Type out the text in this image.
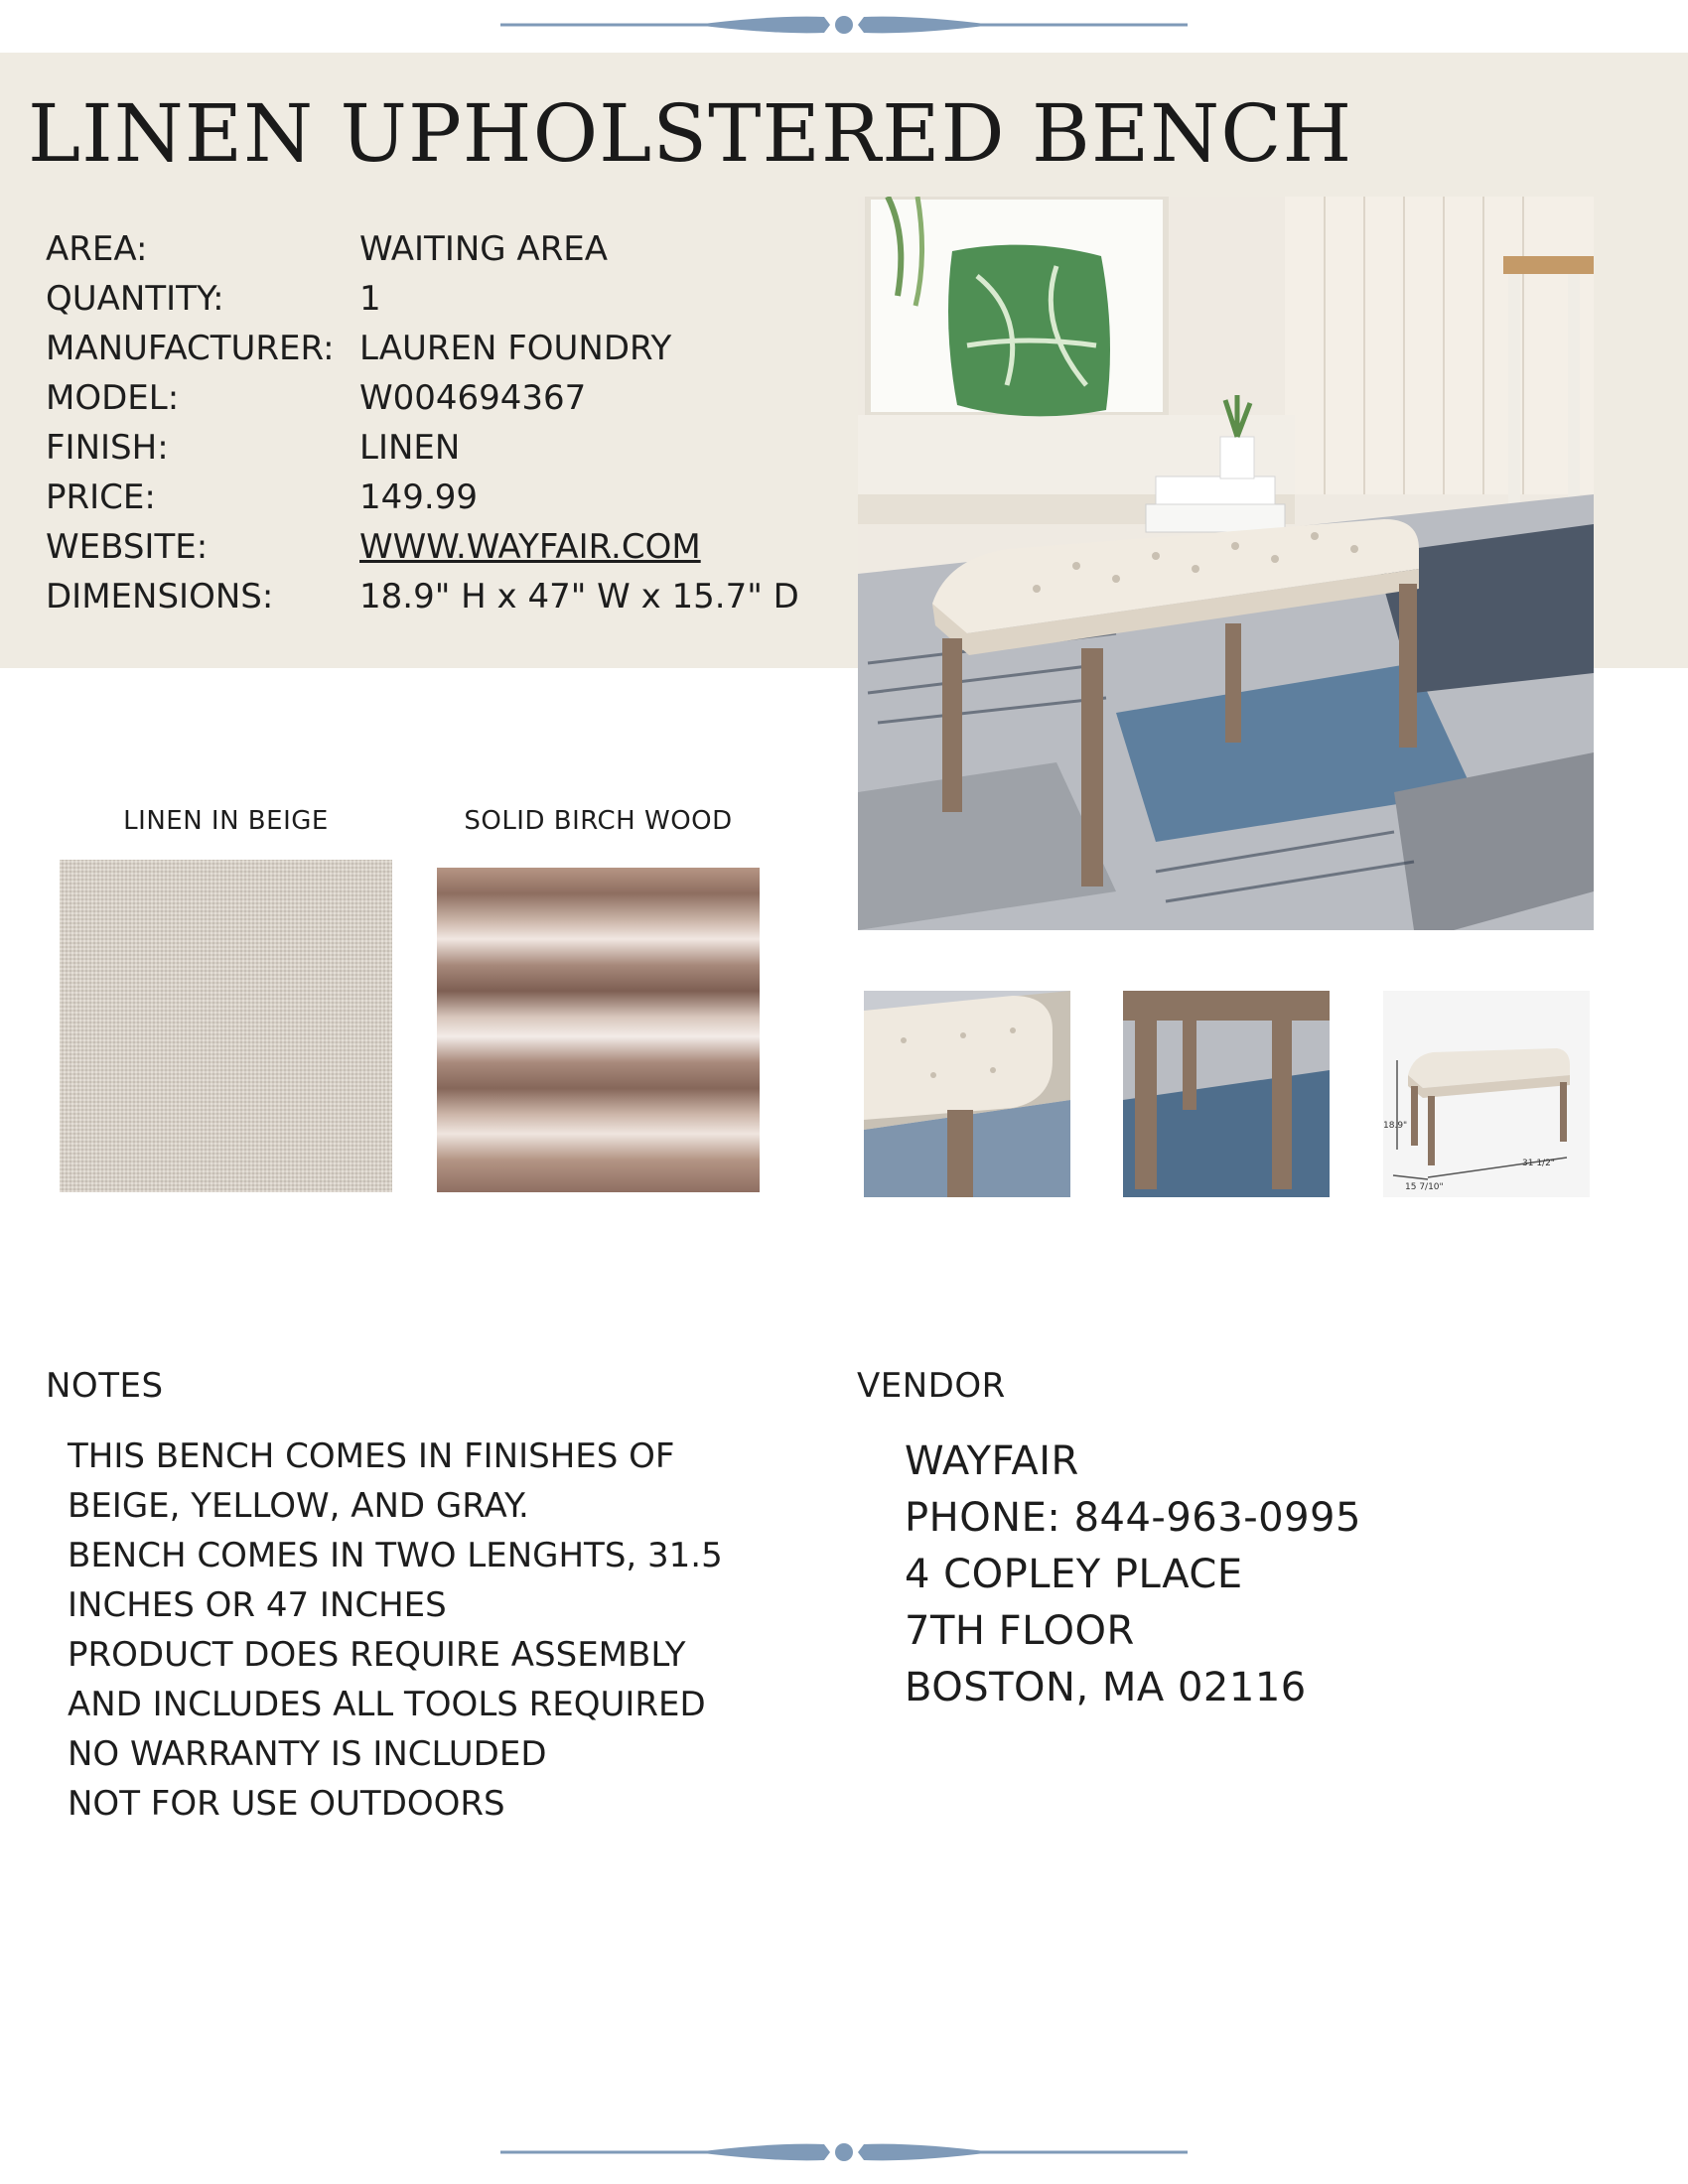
LINEN UPHOLSTERED BENCH
AREA:	WAITING AREA
QUANTITY:	1
MANUFACTURER:	LAUREN FOUNDRY
MODEL:	W004694367
FINISH:	LINEN
PRICE:	149.99
WEBSITE:	WWW.WAYFAIR.COM
DIMENSIONS:	18.9" H x 47" W x 15.7" D
18.9"
15 7/10"
31 1/2"
LINEN IN BEIGE	SOLID BIRCH WOOD
NOTES
THIS BENCH COMES IN FINISHES OF
BEIGE, YELLOW, AND GRAY.
BENCH COMES IN TWO LENGHTS, 31.5
INCHES OR 47 INCHES
PRODUCT DOES REQUIRE ASSEMBLY
AND INCLUDES ALL TOOLS REQUIRED
NO WARRANTY IS INCLUDED
NOT FOR USE OUTDOORS
VENDOR
WAYFAIR
PHONE: 844-963-0995
4 COPLEY PLACE
7TH FLOOR
BOSTON, MA 02116
